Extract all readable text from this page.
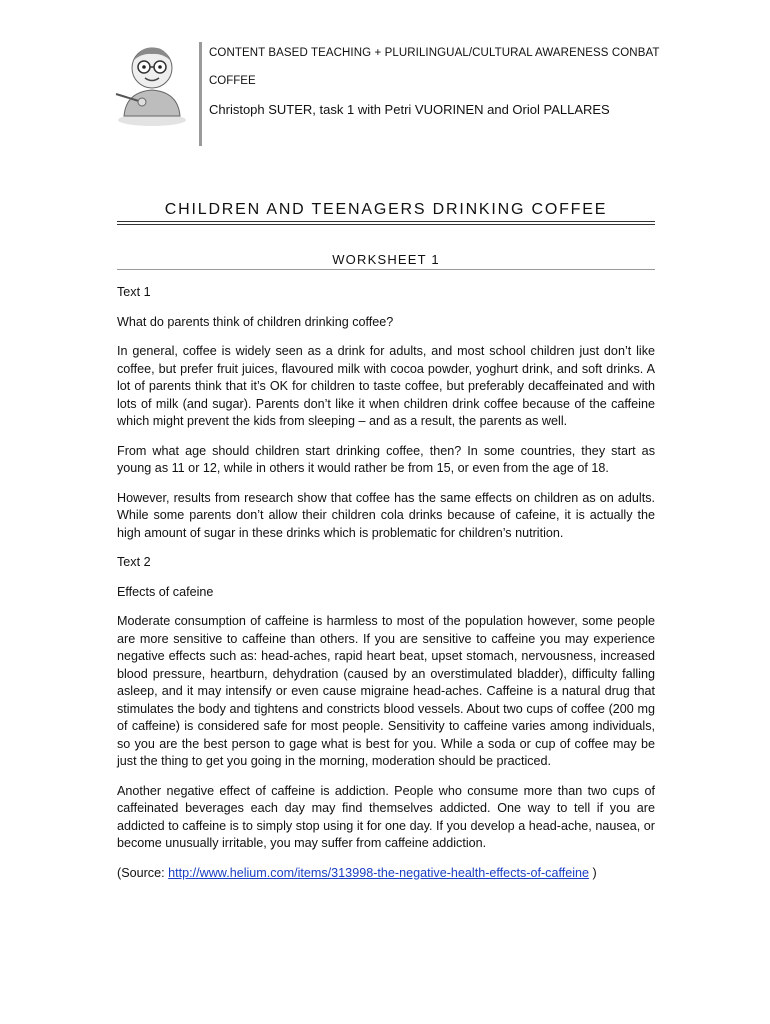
CONTENT BASED TEACHING + PLURILINGUAL/CULTURAL AWARENESS CONBAT
COFFEE
Christoph SUTER, task 1 with Petri VUORINEN and Oriol PALLARES
CHILDREN AND TEENAGERS DRINKING COFFEE
WORKSHEET 1

Text 1

What do parents think of children drinking coffee?

In general, coffee is widely seen as a drink for adults, and most school children just don’t like coffee, but prefer fruit juices, flavoured milk with cocoa powder, yoghurt drink, and soft drinks. A lot of parents think that it’s OK for children to taste coffee, but preferably decaffeinated and with lots of milk (and sugar). Parents don’t like it when children drink coffee because of the caffeine which might prevent the kids from sleeping – and as a result, the parents as well.

From what age should children start drinking coffee, then? In some countries, they start as young as 11 or 12, while in others it would rather be from 15, or even from the age of 18.

However, results from research show that coffee has the same effects on children as on adults. While some parents don’t allow their children cola drinks because of cafeine, it is actually the high amount of sugar in these drinks which is problematic for children’s nutrition.

Text 2

Effects of cafeine

Moderate consumption of caffeine is harmless to most of the population however, some people are more sensitive to caffeine than others. If you are sensitive to caffeine you may experience negative effects such as: head-aches, rapid heart beat, upset stomach, nervousness, increased blood pressure, heartburn, dehydration (caused by an overstimulated bladder), difficulty falling asleep, and it may intensify or even cause migraine head-aches. Caffeine is a natural drug that stimulates the body and tightens and constricts blood vessels. About two cups of coffee (200 mg of caffeine) is considered safe for most people. Sensitivity to caffeine varies among individuals, so you are the best person to gage what is best for you. While a soda or cup of coffee may be just the thing to get you going in the morning, moderation should be practiced.

Another negative effect of caffeine is addiction. People who consume more than two cups of caffeinated beverages each day may find themselves addicted. One way to tell if you are addicted to caffeine is to simply stop using it for one day. If you develop a head-ache, nausea, or become unusually irritable, you may suffer from caffeine addiction.

(Source: http://www.helium.com/items/313998-the-negative-health-effects-of-caffeine )
